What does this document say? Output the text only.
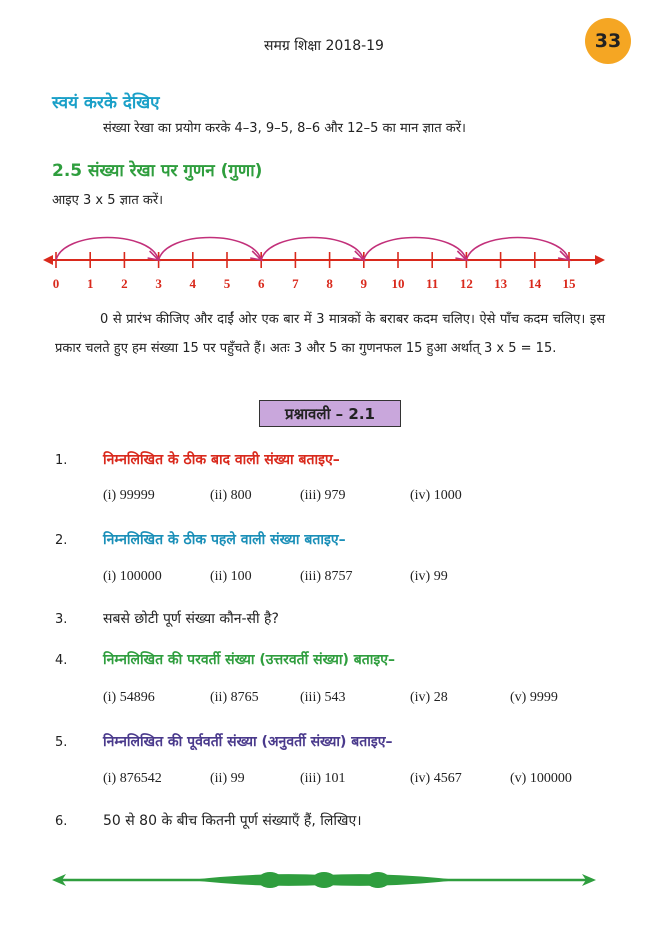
समग्र शिक्षा 2018-19	33
स्वयं करके देखिए
संख्या रेखा का प्रयोग करके 4–3, 9–5, 8–6 और 12–5 का मान ज्ञात करें।
2.5 संख्या रेखा पर गुणन (गुणा)
आइए 3 x 5 ज्ञात करें।
0 1 2 3 4 5 6 7 8 9 10 11 12 13 14 15

0 से प्रारंभ कीजिए और दाईं ओर एक बार में 3 मात्रकों के बराबर कदम चलिए। ऐसे पाँच कदम चलिए। इस प्रकार चलते हुए हम संख्या 15 पर पहुँचते हैं। अतः 3 और 5 का गुणनफल 15 हुआ अर्थात् 3 x 5 = 15.

प्रश्नावली – 2.1
1.	निम्नलिखित के ठीक बाद वाली संख्या बताइए–
(i) 99999	(ii) 800	(iii) 979	(iv) 1000
2.	निम्नलिखित के ठीक पहले वाली संख्या बताइए–
(i) 100000	(ii) 100	(iii) 8757	(iv) 99
3.	सबसे छोटी पूर्ण संख्या कौन-सी है?
4.	निम्नलिखित की परवर्ती संख्या (उत्तरवर्ती संख्या) बताइए–
(i) 54896	(ii) 8765	(iii) 543	(iv) 28	(v) 9999
5.	निम्नलिखित की पूर्ववर्ती संख्या (अनुवर्ती संख्या) बताइए–
(i) 876542	(ii) 99	(iii) 101	(iv) 4567	(v) 100000
6.	50 से 80 के बीच कितनी पूर्ण संख्याएँ हैं, लिखिए।
